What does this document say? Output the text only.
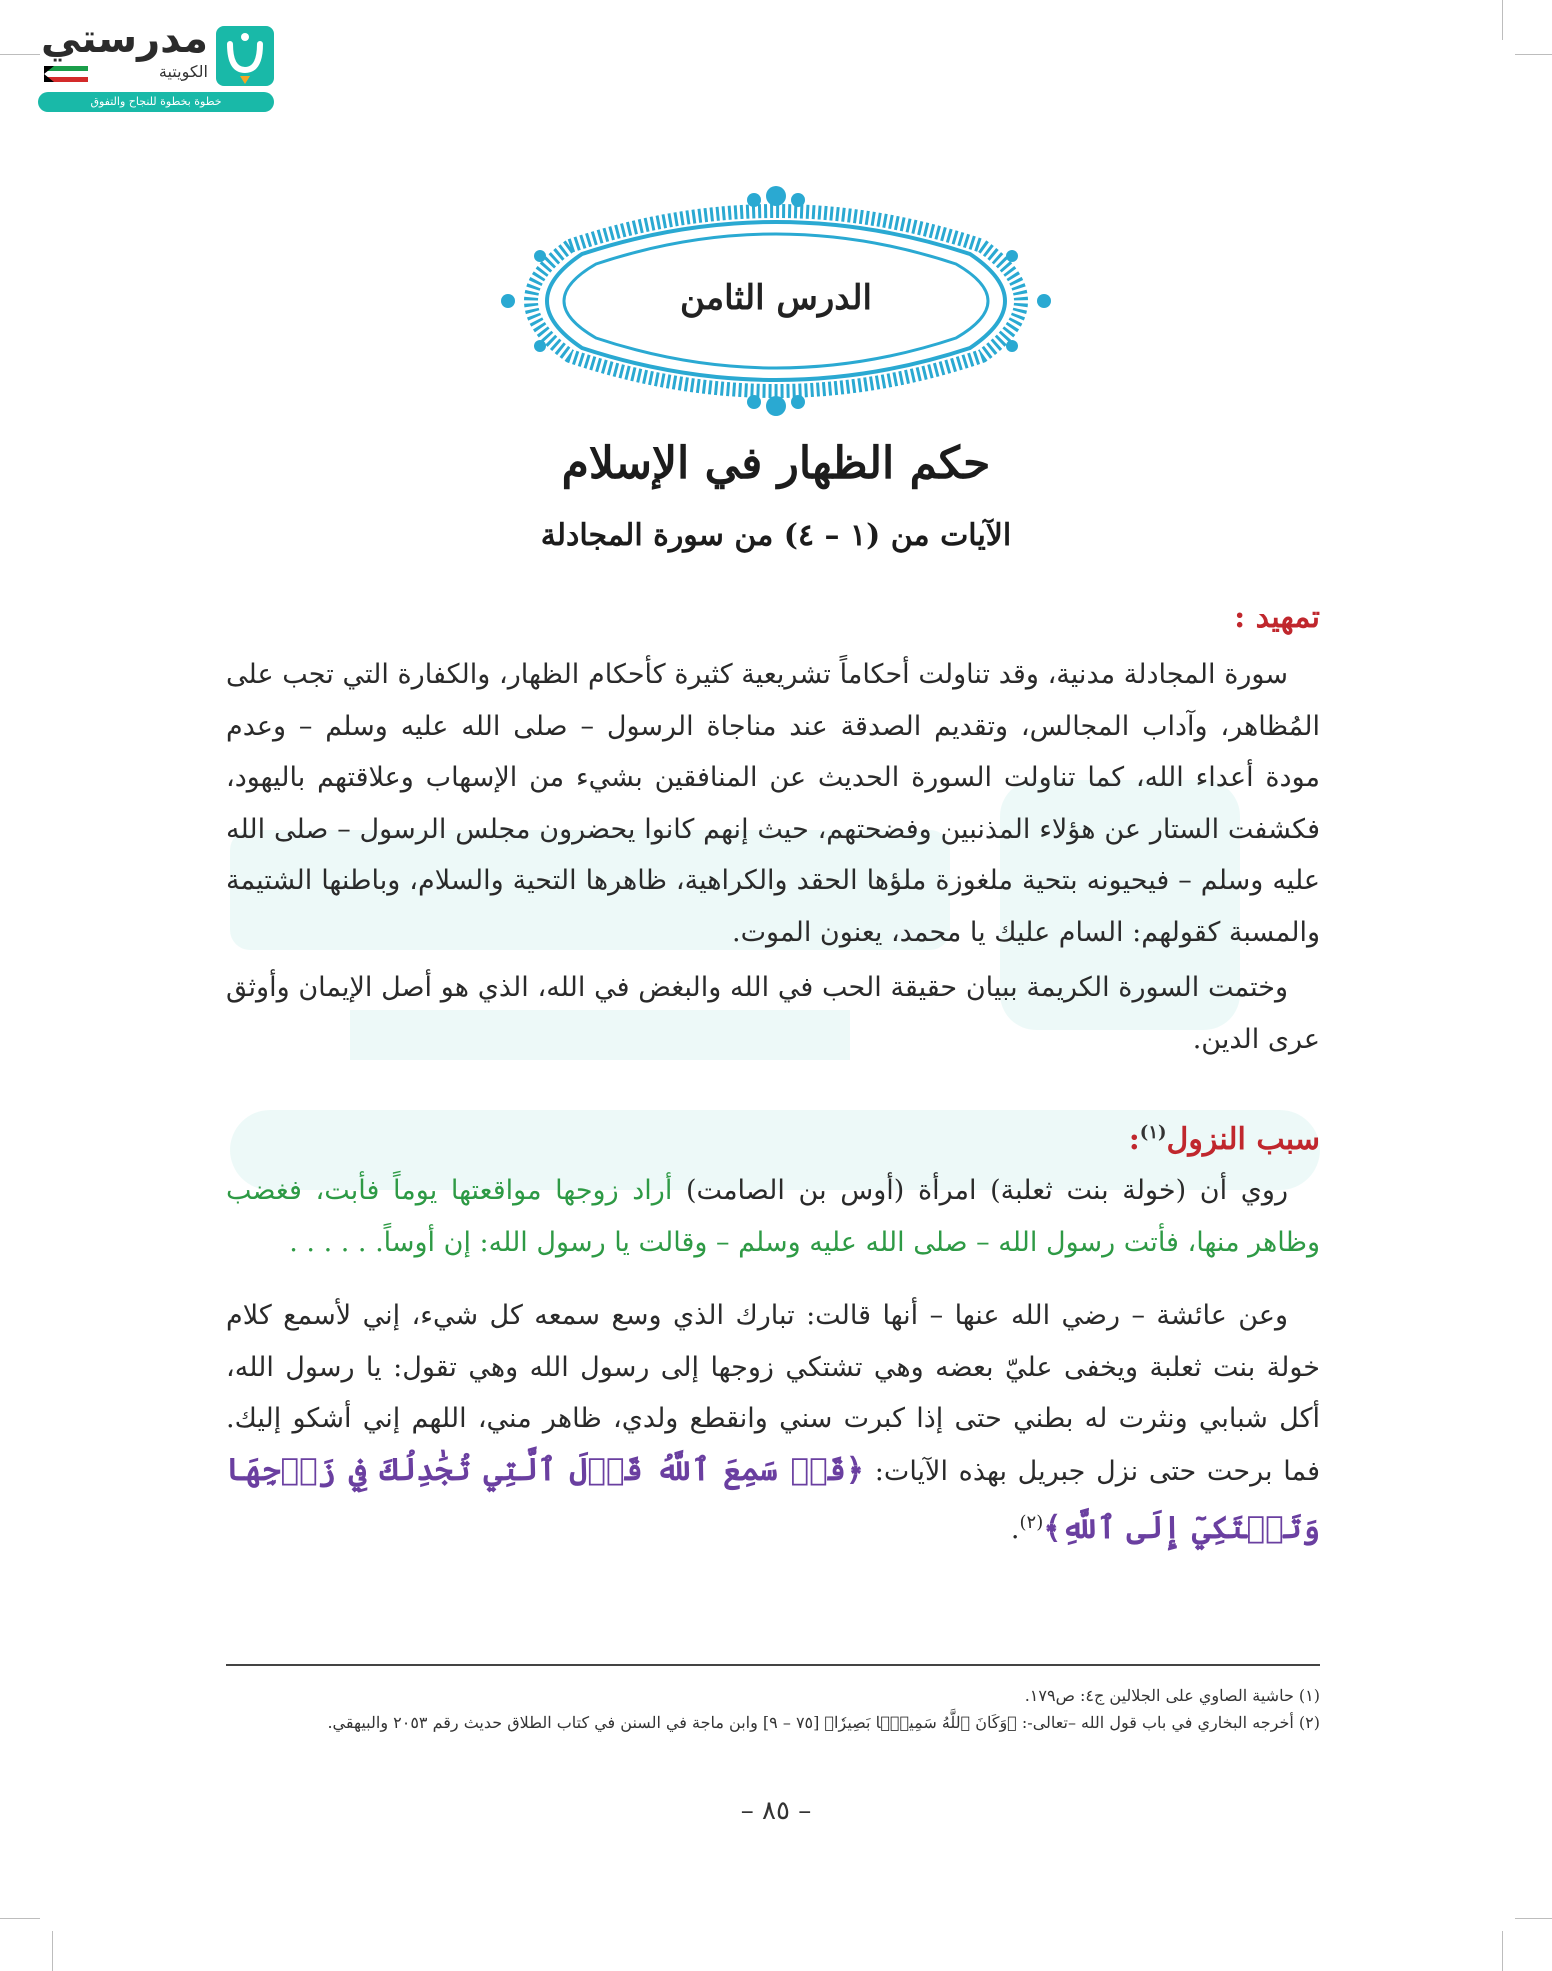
مدرستي
الكويتية
خطوة بخطوة للنجاح والتفوق
الدرس الثامن
حكم الظهار في الإسلام
الآيات من (١ – ٤) من سورة المجادلة
تمهيد :
سورة المجادلة مدنية، وقد تناولت أحكاماً تشريعية كثيرة كأحكام الظهار، والكفارة التي تجب على المُظاهر، وآداب المجالس، وتقديم الصدقة عند مناجاة الرسول – صلى الله عليه وسلم – وعدم مودة أعداء الله، كما تناولت السورة الحديث عن المنافقين بشيء من الإسهاب وعلاقتهم باليهود، فكشفت الستار عن هؤلاء المذنبين وفضحتهم، حيث إنهم كانوا يحضرون مجلس الرسول – صلى الله عليه وسلم – فيحيونه بتحية ملغوزة ملؤها الحقد والكراهية، ظاهرها التحية والسلام، وباطنها الشتيمة والمسبة كقولهم: السام عليك يا محمد، يعنون الموت.
وختمت السورة الكريمة ببيان حقيقة الحب في الله والبغض في الله، الذي هو أصل الإيمان وأوثق عرى الدين.
سبب النزول$^{(١)}$:
روي أن (خولة بنت ثعلبة) امرأة (أوس بن الصامت) أراد زوجها مواقعتها يوماً فأبت، فغضب وظاهر منها، فأتت رسول الله – صلى الله عليه وسلم – وقالت يا رسول الله: إن أوساً. . . . . .
وعن عائشة – رضي الله عنها – أنها قالت: تبارك الذي وسع سمعه كل شيء، إني لأسمع كلام خولة بنت ثعلبة ويخفى عليّ بعضه وهي تشتكي زوجها إلى رسول الله وهي تقول: يا رسول الله، أكل شبابي ونثرت له بطني حتى إذا كبرت سني وانقطع ولدي، ظاهر مني، اللهم إني أشكو إليك. فما برحت حتى نزل جبريل بهذه الآيات: ﴿قَدۡ سَمِعَ ٱللَّهُ قَوۡلَ ٱلَّتِي تُجَٰدِلُكَ فِي زَوۡجِهَا وَتَشۡتَكِيٓ إِلَى ٱللَّهِ﴾$^{(٢)}$.
(١) حاشية الصاوي على الجلالين ج٤: ص١٧٩.
(٢) أخرجه البخاري في باب قول الله –تعالى-: ﴿وَكَانَ ٱللَّهُ سَمِيعَۢا بَصِيرٗا﴾ [٧٥ – ٩] وابن ماجة في السنن في كتاب الطلاق حديث رقم ٢٠٥٣ والبيهقي.
– ٨٥ –
